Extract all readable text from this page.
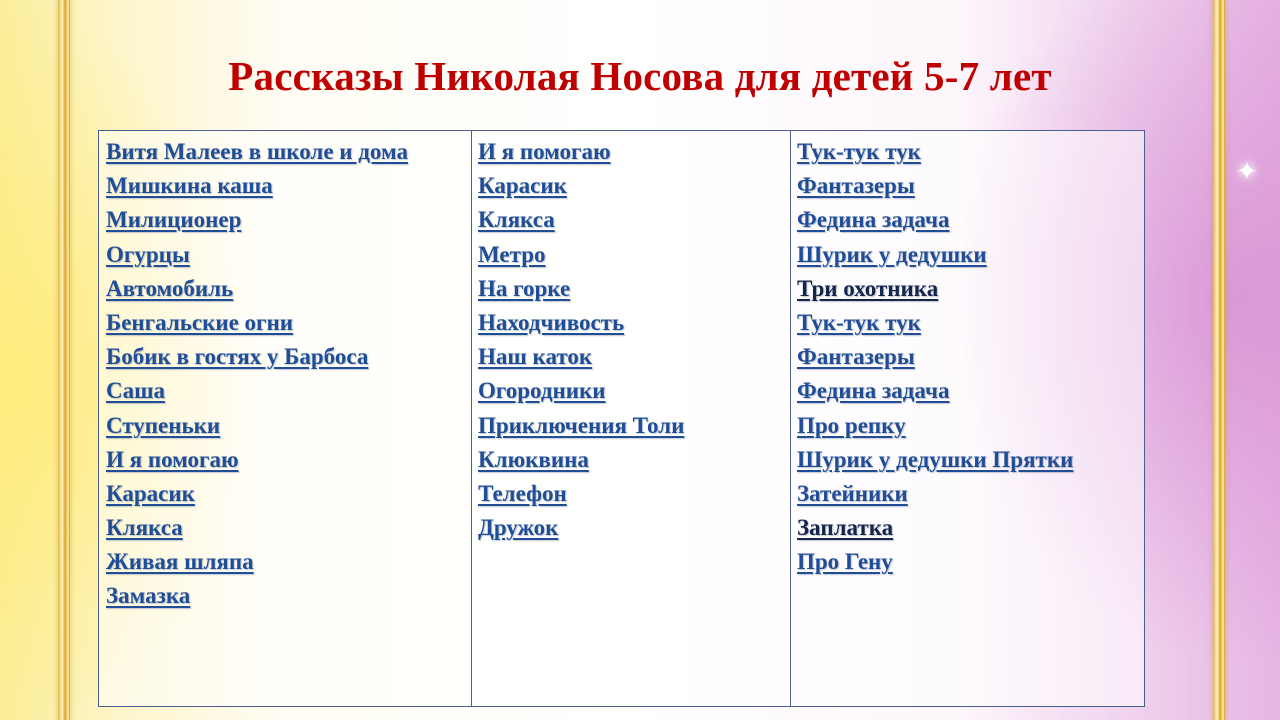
✦
Рассказы Николая Носова для детей 5-7 лет
Витя Малеев в школе и дома
Мишкина каша
Милиционер
Огурцы
Автомобиль
Бенгальские огни
Бобик в гостях у Барбоса
Саша
Ступеньки
И я помогаю
Карасик
Клякса
Живая шляпа
Замазка
И я помогаю
Карасик
Клякса
Метро
На горке
Находчивость
Наш каток
Огородники
Приключения Толи
Клюквина
Телефон
Дружок
Тук-тук тук
Фантазеры
Федина задача
Шурик у дедушки
Три охотника
Тук-тук тук
Фантазеры
Федина задача
Про репку
Шурик у дедушки Прятки
Затейники
Заплатка
Про Гену
